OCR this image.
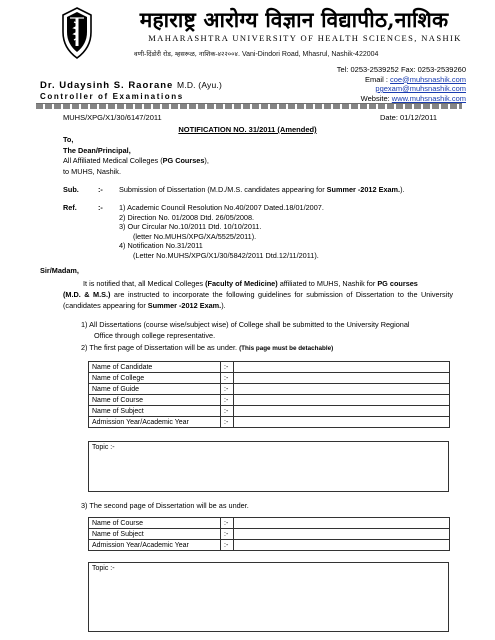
महाराष्ट्र आरोग्य विज्ञान विद्यापीठ,नाशिक
MAHARASHTRA UNIVERSITY OF HEALTH SCIENCES, NASHIK
वणी-दिंडोरी रोड, म्हसरूळ, नाशिक-४२२००४. Vani-Dindori Road, Mhasrul, Nashik-422004
Dr. Udaysinh S. Raorane M.D. (Ayu.)
Controller of Examinations
Tel: 0253-2539252 Fax: 0253-2539260
Email : coe@muhsnashik.com
pgexam@muhsnashik.com
Website: www.muhsnashik.com
MUHS/XPG/X1/30/6147/2011	Date: 01/12/2011
NOTIFICATION NO. 31/2011 (Amended)
To,
The Dean/Principal,
All Affiliated Medical Colleges (PG Courses),
to MUHS, Nashik.
Sub.	:- Submission of Dissertation (M.D./M.S. candidates appearing for Summer -2012 Exam.).
Ref.	:- 1) Academic Council Resolution No.40/2007 Dated.18/01/2007.
2) Direction No. 01/2008 Dtd. 26/05/2008.
3) Our Circular No.10/2011 Dtd. 10/10/2011.
(letter No.MUHS/XPG/XA/5525/2011).
4) Notification No.31/2011
(Letter No.MUHS/XPG/X1/30/5842/2011 Dtd.12/11/2011).
Sir/Madam,
It is notified that, all Medical Colleges (Faculty of Medicine) affiliated to MUHS, Nashik for PG courses
(M.D. & M.S.) are instructed to incorporate the following guidelines for submission of Dissertation to the University (candidates appearing for Summer -2012 Exam.).
1) All Dissertations (course wise/subject wise) of College shall be submitted to the University Regional
Office through college representative.
2) The first page of Dissertation will be as under. (This page must be detachable)
Name of Candidate	:-	
Name of College	:-	
Name of Guide	:-	
Name of Course	:-	
Name of Subject	:-	
Admission Year/Academic Year	:-	
Topic :-
3) The second page of Dissertation will be as under.
Name of Course	:-	
Name of Subject	:-	
Admission Year/Academic Year	:-	
Topic :-
